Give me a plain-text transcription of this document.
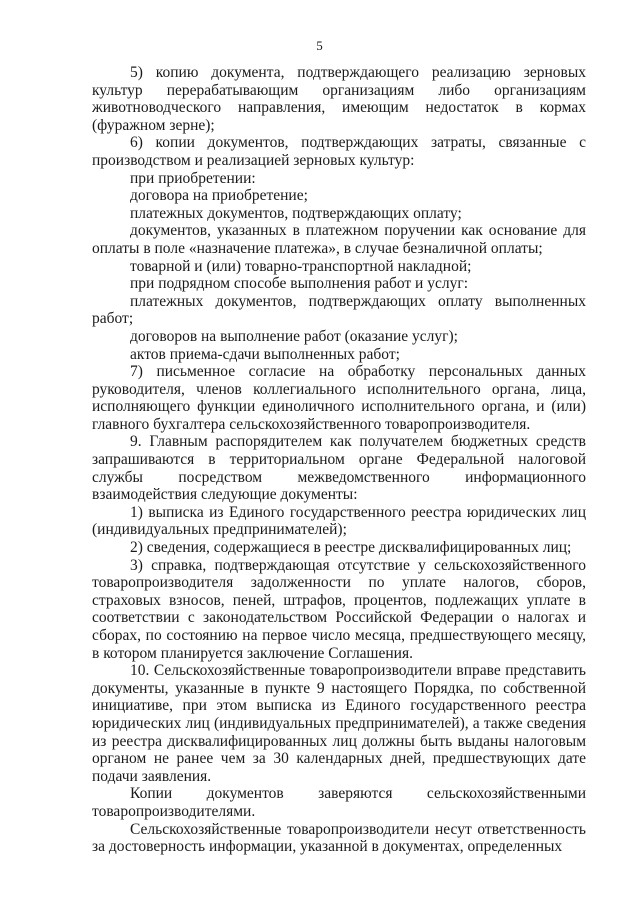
5

5) копию документа, подтверждающего реализацию зерновых культур перерабатывающим организациям либо организациям животноводческого направления, имеющим недостаток в кормах (фуражном зерне);

6) копии документов, подтверждающих затраты, связанные с производством и реализацией зерновых культур:

при приобретении:

договора на приобретение;

платежных документов, подтверждающих оплату;

документов, указанных в платежном поручении как основание для оплаты в поле «назначение платежа», в случае безналичной оплаты;

товарной и (или) товарно-транспортной накладной;

при подрядном способе выполнения работ и услуг:

платежных документов, подтверждающих оплату выполненных работ;

договоров на выполнение работ (оказание услуг);

актов приема-сдачи выполненных работ;

7) письменное согласие на обработку персональных данных руководителя, членов коллегиального исполнительного органа, лица, исполняющего функции единоличного исполнительного органа, и (или) главного бухгалтера сельскохозяйственного товаропроизводителя.

9. Главным распорядителем как получателем бюджетных средств запрашиваются в территориальном органе Федеральной налоговой службы посредством межведомственного информационного взаимодействия следующие документы:

1) выписка из Единого государственного реестра юридических лиц (индивидуальных предпринимателей);

2) сведения, содержащиеся в реестре дисквалифицированных лиц;

3) справка, подтверждающая отсутствие у сельскохозяйственного товаропроизводителя задолженности по уплате налогов, сборов, страховых взносов, пеней, штрафов, процентов, подлежащих уплате в соответствии с законодательством Российской Федерации о налогах и сборах, по состоянию на первое число месяца, предшествующего месяцу, в котором планируется заключение Соглашения.

10. Сельскохозяйственные товаропроизводители вправе представить документы, указанные в пункте 9 настоящего Порядка, по собственной инициативе, при этом выписка из Единого государственного реестра юридических лиц (индивидуальных предпринимателей), а также сведения из реестра дисквалифицированных лиц должны быть выданы налоговым органом не ранее чем за 30 календарных дней, предшествующих дате подачи заявления.

Копии документов заверяются сельскохозяйственными товаропроизводителями.

Сельскохозяйственные товаропроизводители несут ответственность за достоверность информации, указанной в документах, определенных
